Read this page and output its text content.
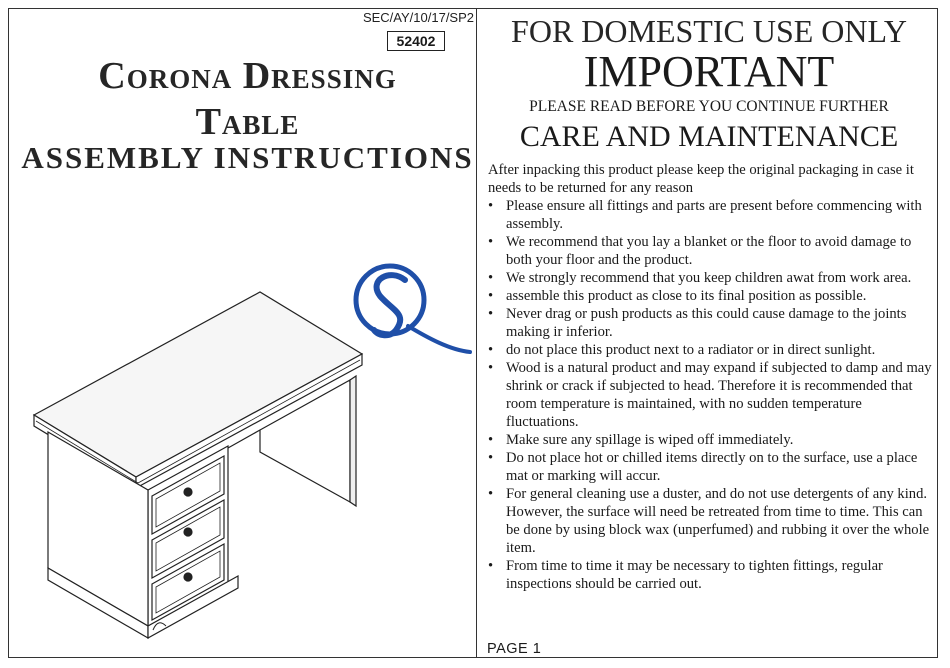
SEC/AY/10/17/SP2
52402
Corona Dressing
Table
ASSEMBLY INSTRUCTIONS
FOR DOMESTIC USE ONLY
IMPORTANT
PLEASE READ BEFORE YOU CONTINUE FURTHER
CARE AND MAINTENANCE
After inpacking this product please keep the original packaging in case it needs to be returned for any reason
• Please ensure all fittings and parts are present before commencing with assembly.
• We recommend that you lay a blanket or the floor to avoid damage to both your floor and the product.
• We strongly recommend that you keep children awat from work area.
• assemble this product as close to its final position as possible.
• Never drag or push products as this could cause damage to the joints making ir inferior.
• do not place this product next to a radiator or in direct sunlight.
• Wood is a natural product and may expand if subjected to damp and may shrink or crack if subjected to head. Therefore it is recommended that room temperature is maintained, with no sudden temperature fluctuations.
• Make sure any spillage is wiped off immediately.
• Do not place hot or chilled items directly on to the surface, use a place mat or marking will accur.
• For general cleaning use a duster, and do not use detergents of any kind. However, the surface will need be retreated from time to time. This can be done by using block wax (unperfumed) and rubbing it over the whole item.
• From time to time it may be necessary to tighten fittings, regular inspections should be carried out.
PAGE 1
